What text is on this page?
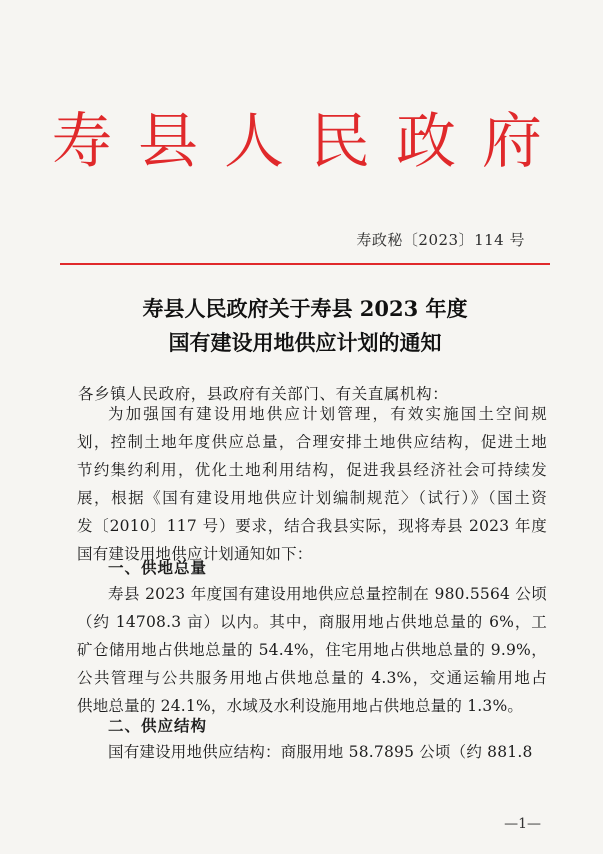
寿县人民政府
寿政秘〔2023〕114 号
寿县人民政府关于寿县 2023 年度
国有建设用地供应计划的通知
各乡镇人民政府，县政府有关部门、有关直属机构：
为加强国有建设用地供应计划管理，有效实施国土空间规
划，控制土地年度供应总量，合理安排土地供应结构，促进土地
节约集约利用，优化土地利用结构，促进我县经济社会可持续发
展，根据《国有建设用地供应计划编制规范〉（试行）》（国土资
发〔2010〕117 号）要求，结合我县实际，现将寿县 2023 年度
国有建设用地供应计划通知如下：
一、供地总量
寿县 2023 年度国有建设用地供应总量控制在 980.5564 公顷
（约 14708.3 亩）以内。其中，商服用地占供地总量的 6%，工
矿仓储用地占供地总量的 54.4%，住宅用地占供地总量的 9.9%，
公共管理与公共服务用地占供地总量的 4.3%，交通运输用地占
供地总量的 24.1%，水域及水利设施用地占供地总量的 1.3%。
二、供应结构
国有建设用地供应结构：商服用地 58.7895 公顷（约 881.8
—1—
